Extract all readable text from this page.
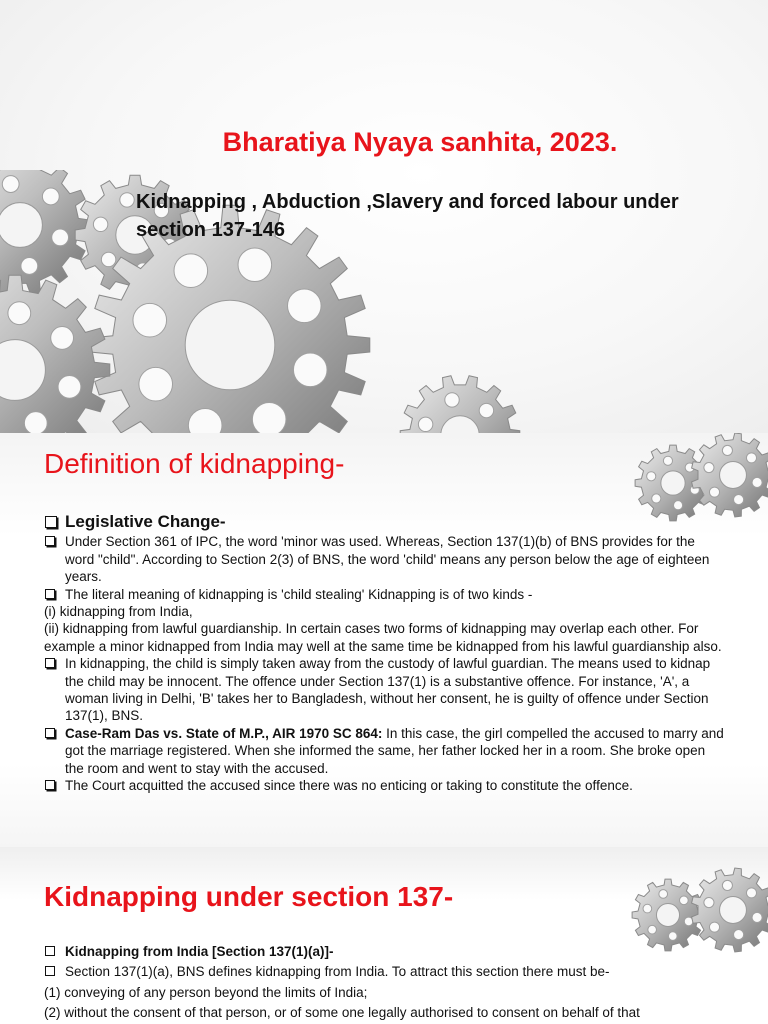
Bharatiya Nyaya sanhita, 2023.

Kidnapping , Abduction ,Slavery and forced labour under section 137-146

Definition of kidnapping-
Legislative Change-
Under Section 361 of IPC, the word 'minor was used. Whereas, Section 137(1)(b) of BNS provides for the word "child". According to Section 2(3) of BNS, the word 'child' means any person below the age of eighteen years.
The literal meaning of kidnapping is 'child stealing' Kidnapping is of two kinds -
(i) kidnapping from India,
(ii) kidnapping from lawful guardianship. In certain cases two forms of kidnapping may overlap each other. For example a minor kidnapped from India may well at the same time be kidnapped from his lawful guardianship also.
In kidnapping, the child is simply taken away from the custody of lawful guardian. The means used to kidnap the child may be innocent. The offence under Section 137(1) is a substantive offence. For instance, 'A', a woman living in Delhi, 'B' takes her to Bangladesh, without her consent, he is guilty of offence under Section 137(1), BNS.
Case-Ram Das vs. State of M.P., AIR 1970 SC 864: In this case, the girl compelled the accused to marry and got the marriage registered. When she informed the same, her father locked her in a room. She broke open the room and went to stay with the accused.
The Court acquitted the accused since there was no enticing or taking to constitute the offence.
Kidnapping under section 137-
Kidnapping from India [Section 137(1)(a)]-
Section 137(1)(a), BNS defines kidnapping from India. To attract this section there must be-
(1) conveying of any person beyond the limits of India;
(2) without the consent of that person, or of some one legally authorised to consent on behalf of that
